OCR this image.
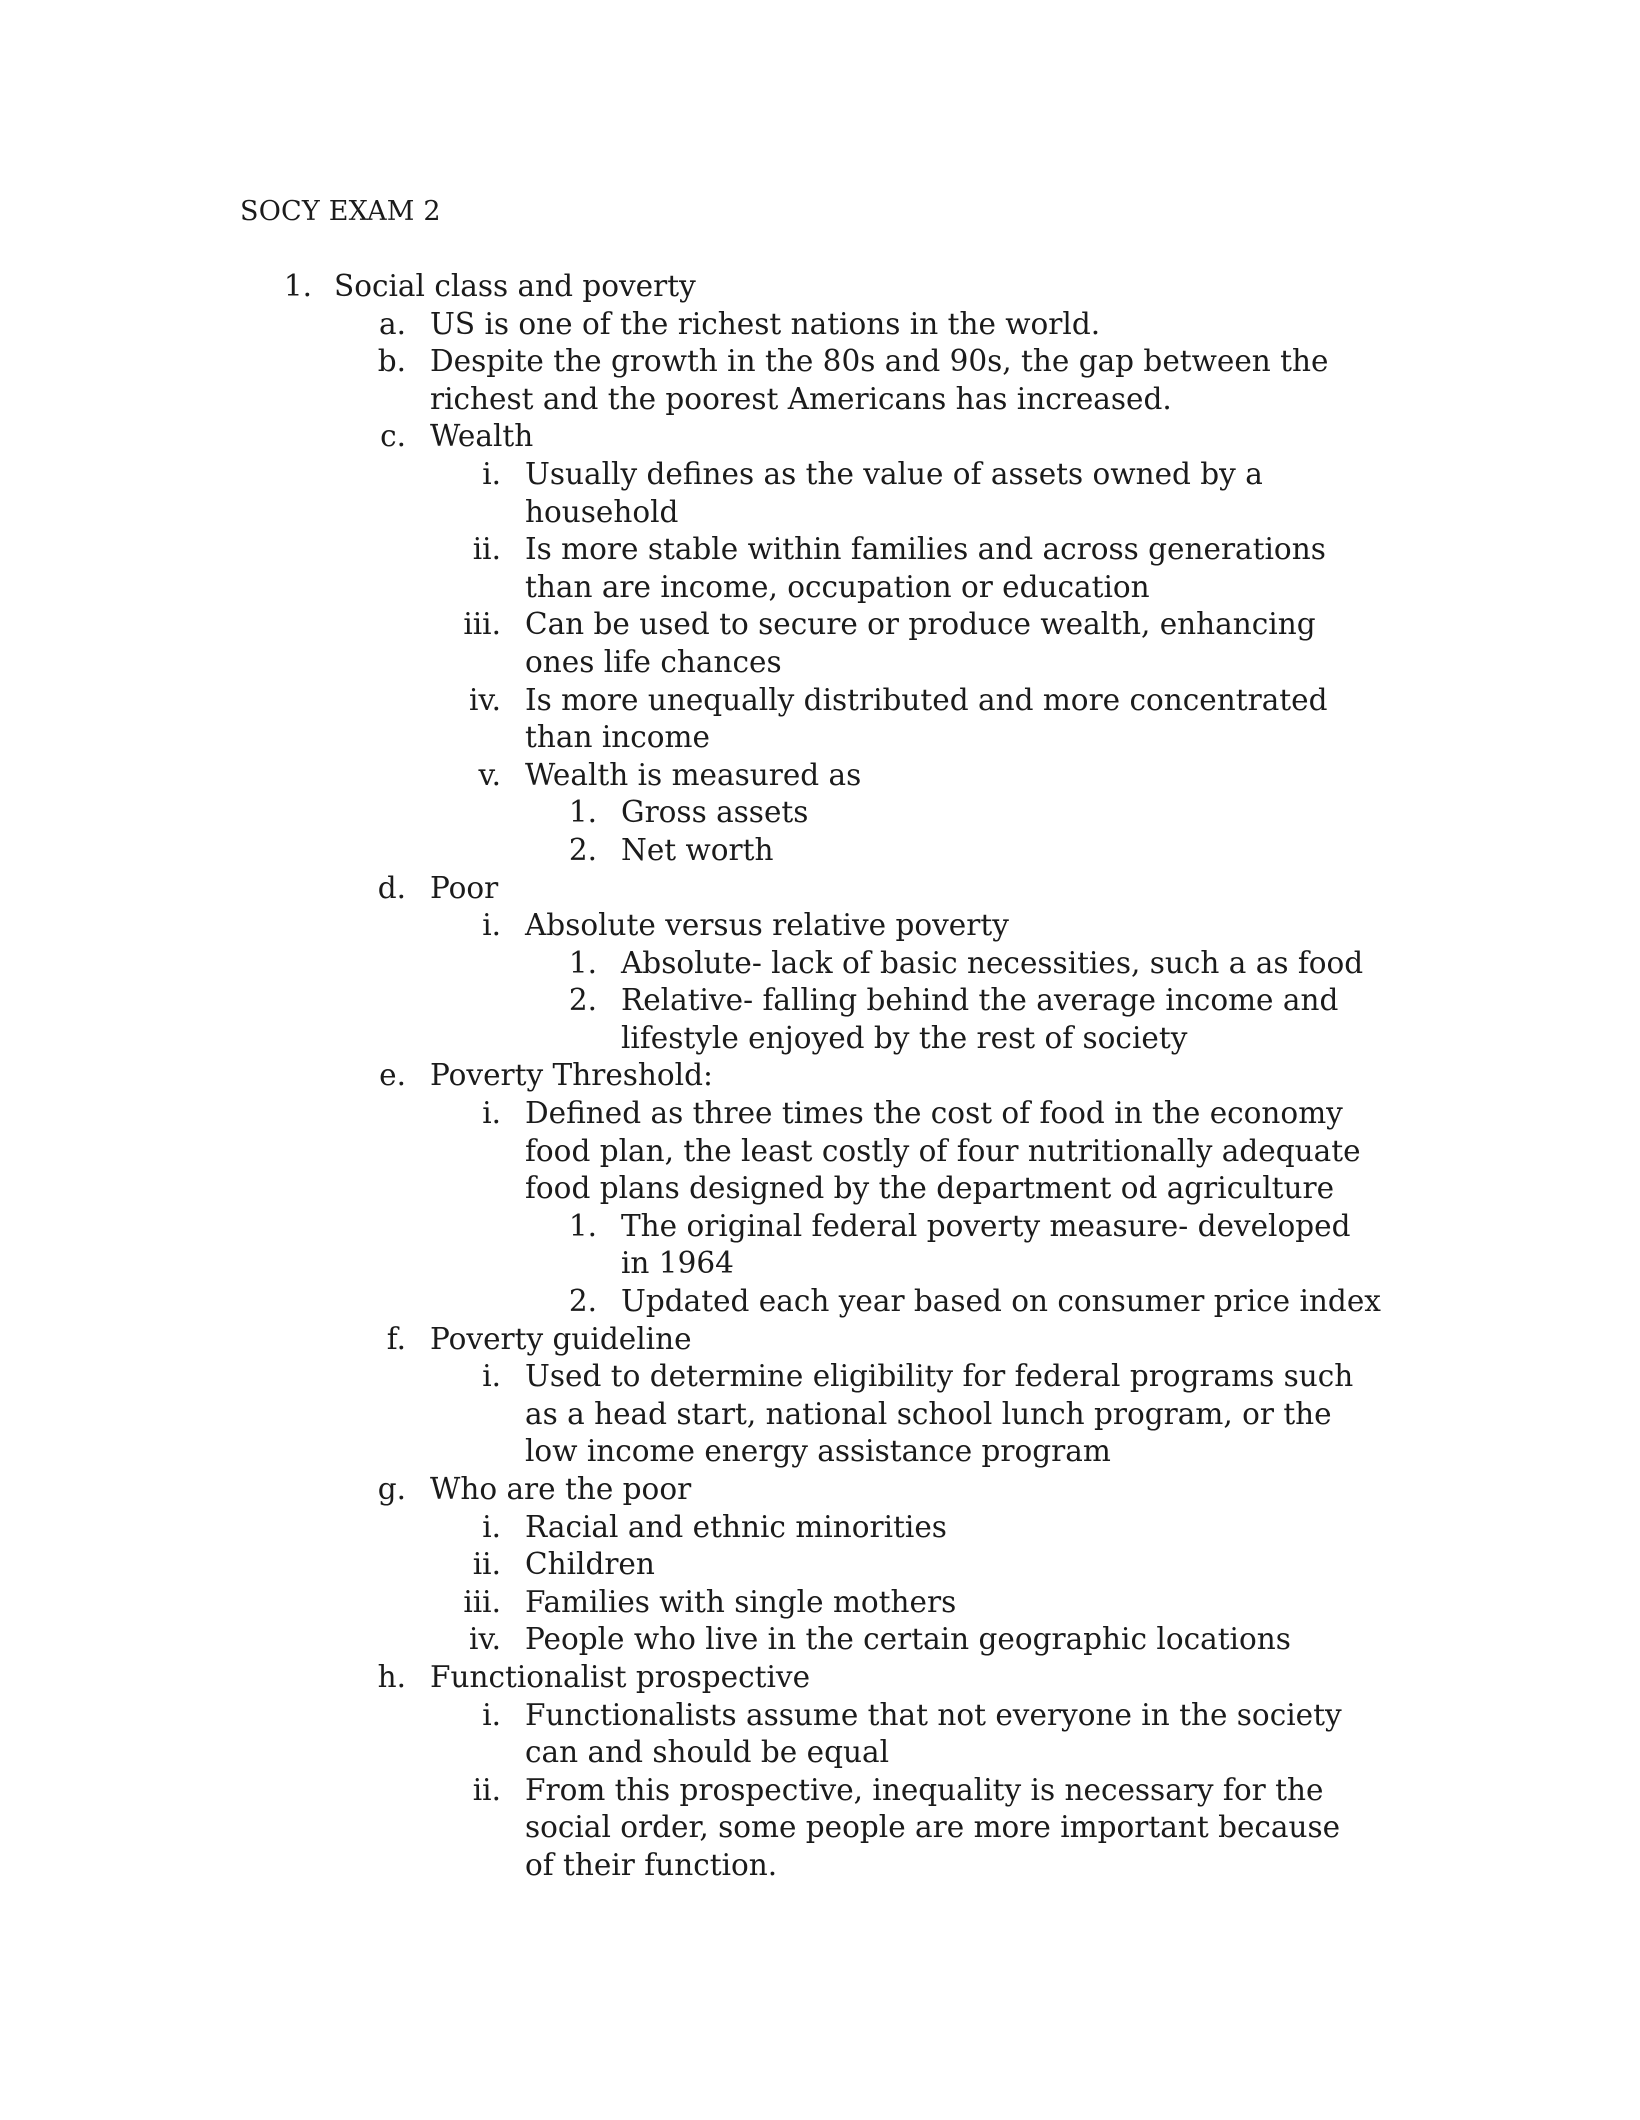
SOCY EXAM 2
1. Social class and poverty
a. US is one of the richest nations in the world.
b. Despite the growth in the 80s and 90s, the gap between the richest and the poorest Americans has increased.
c. Wealth
i. Usually defines as the value of assets owned by a household
ii. Is more stable within families and across generations than are income, occupation or education
iii. Can be used to secure or produce wealth, enhancing ones life chances
iv. Is more unequally distributed and more concentrated than income
v. Wealth is measured as
1. Gross assets
2. Net worth
d. Poor
i. Absolute versus relative poverty
1. Absolute- lack of basic necessities, such a as food
2. Relative- falling behind the average income and lifestyle enjoyed by the rest of society
e. Poverty Threshold:
i. Defined as three times the cost of food in the economy food plan, the least costly of four nutritionally adequate food plans designed by the department od agriculture
1. The original federal poverty measure- developed in 1964
2. Updated each year based on consumer price index
f. Poverty guideline
i. Used to determine eligibility for federal programs such as a head start, national school lunch program, or the low income energy assistance program
g. Who are the poor
i. Racial and ethnic minorities
ii. Children
iii. Families with single mothers
iv. People who live in the certain geographic locations
h. Functionalist prospective
i. Functionalists assume that not everyone in the society can and should be equal
ii. From this prospective, inequality is necessary for the social order, some people are more important because of their function.
